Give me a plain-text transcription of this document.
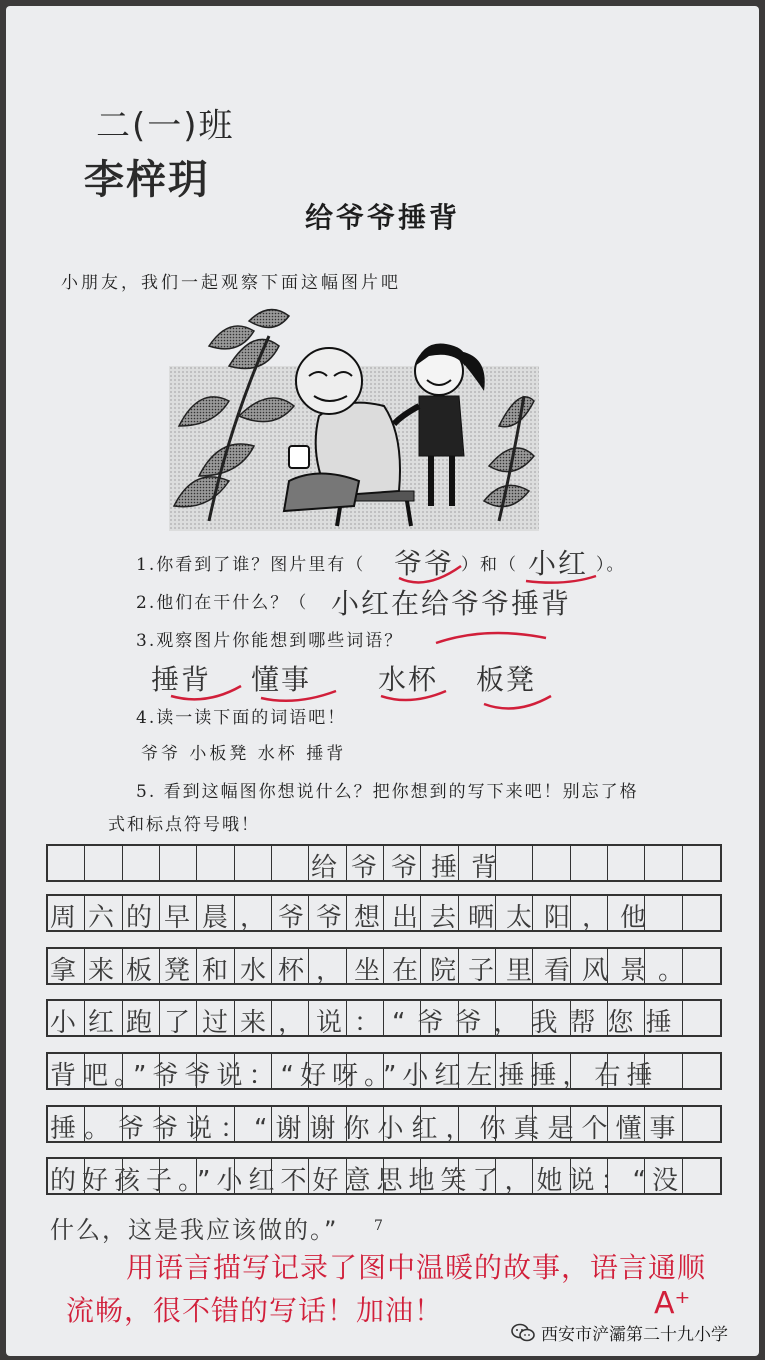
二(一)班
李梓玥
给爷爷捶背
小朋友，我们一起观察下面这幅图片吧
1.你看到了谁？图片里有（ 爷爷 ）和（ 小红 ）。
2.他们在干什么？（ 小红在给爷爷捶背
3.观察图片你能想到哪些词语？
捶背 懂事 水杯 板凳
4.读一读下面的词语吧！
爷爷 小板凳 水杯 捶背
5. 看到这幅图你想说什么？把你想到的写下来吧！别忘了格
式和标点符号哦！
给爷爷捶背
周六的早晨，爷爷想出去晒太阳，他
拿来板凳和水杯，坐在院子里看风景。
小红跑了过来，说：“爷爷，我帮您捶
背吧。”爷爷说：“好呀。”小红左捶捶，右捶
捶。爷爷说：“谢谢你小红，你真是个懂事
的好孩子。”小红不好意思地笑了，她说：“没
什么，这是我应该做的。”	7
用语言描写记录了图中温暖的故事，语言通顺
流畅，很不错的写话！加油！	A⁺
西安市浐灞第二十九小学
